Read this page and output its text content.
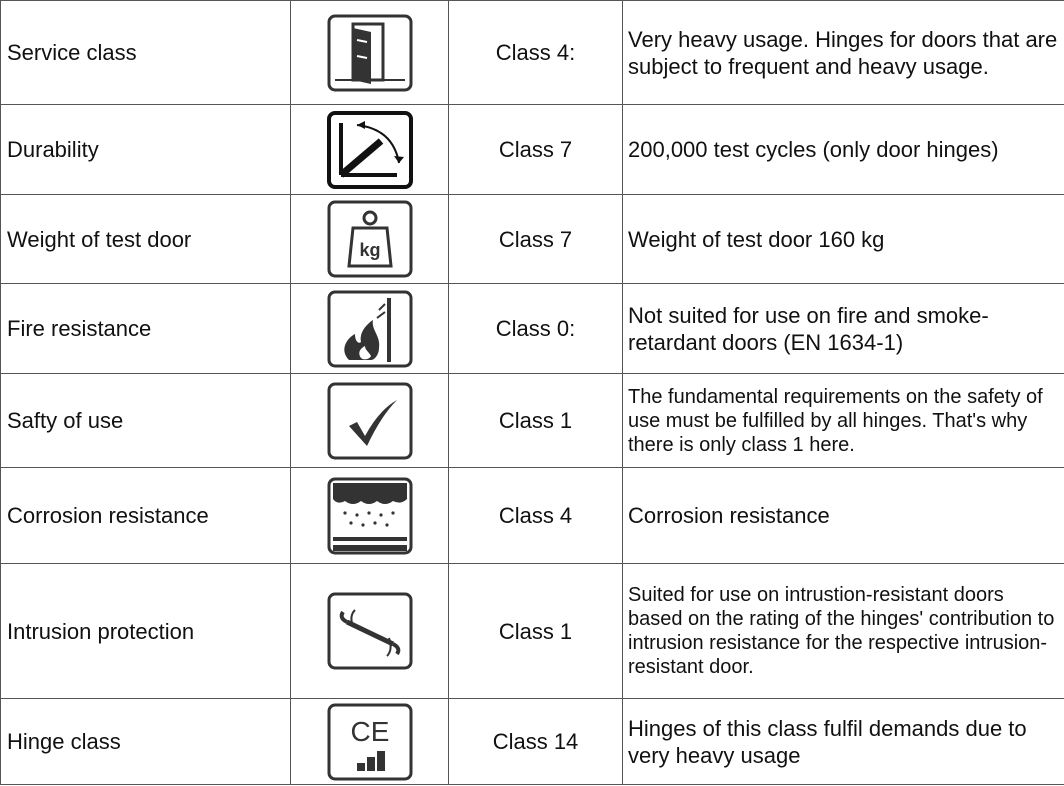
Service class		Class 4:	Very heavy usage. Hinges for doors that are subject to frequent and heavy usage.
Durability		Class 7	200,000 test cycles (only door hinges)
Weight of test door	kg	Class 7	Weight of test door 160 kg
Fire resistance		Class 0:	Not suited for use on fire and smoke-retardant doors (EN 1634-1)
Safty of use		Class 1	The fundamental requirements on the safety of use must be fulfilled by all hinges. That's why there is only class 1 here.
Corrosion resistance		Class 4	Corrosion resistance
Intrusion protection		Class 1	Suited for use on intrustion-resistant doors based on the rating of the hinges' contribution to intrusion resistance for the respective intrusion-resistant door.
Hinge class	CE	Class 14	Hinges of this class fulfil demands due to very heavy usage
